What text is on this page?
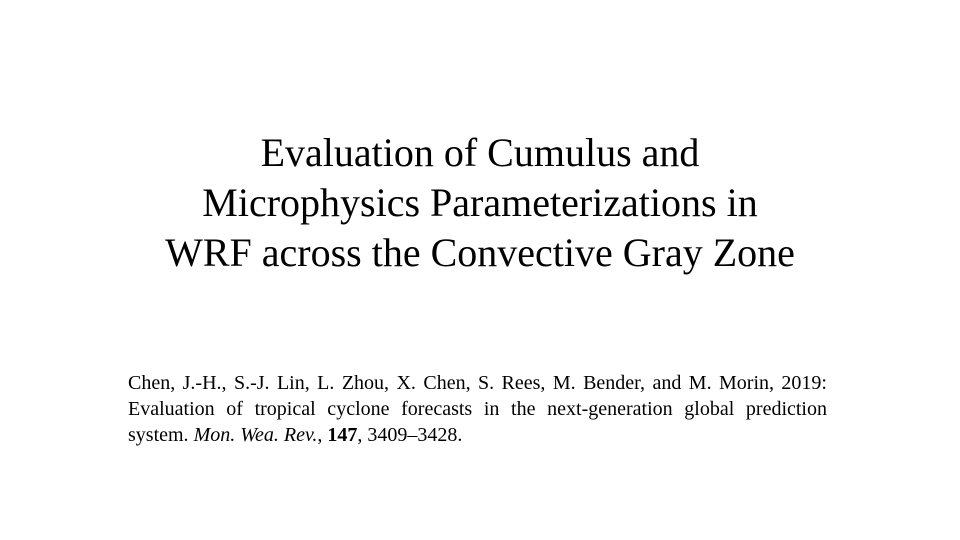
Evaluation of Cumulus and
Microphysics Parameterizations in
WRF across the Convective Gray Zone

Chen, J.‐H., S.‐J. Lin, L. Zhou, X. Chen, S. Rees, M. Bender, and M. Morin, 2019: Evaluation of tropical cyclone forecasts in the next‐generation global prediction system. Mon. Wea. Rev., 147, 3409–3428.
